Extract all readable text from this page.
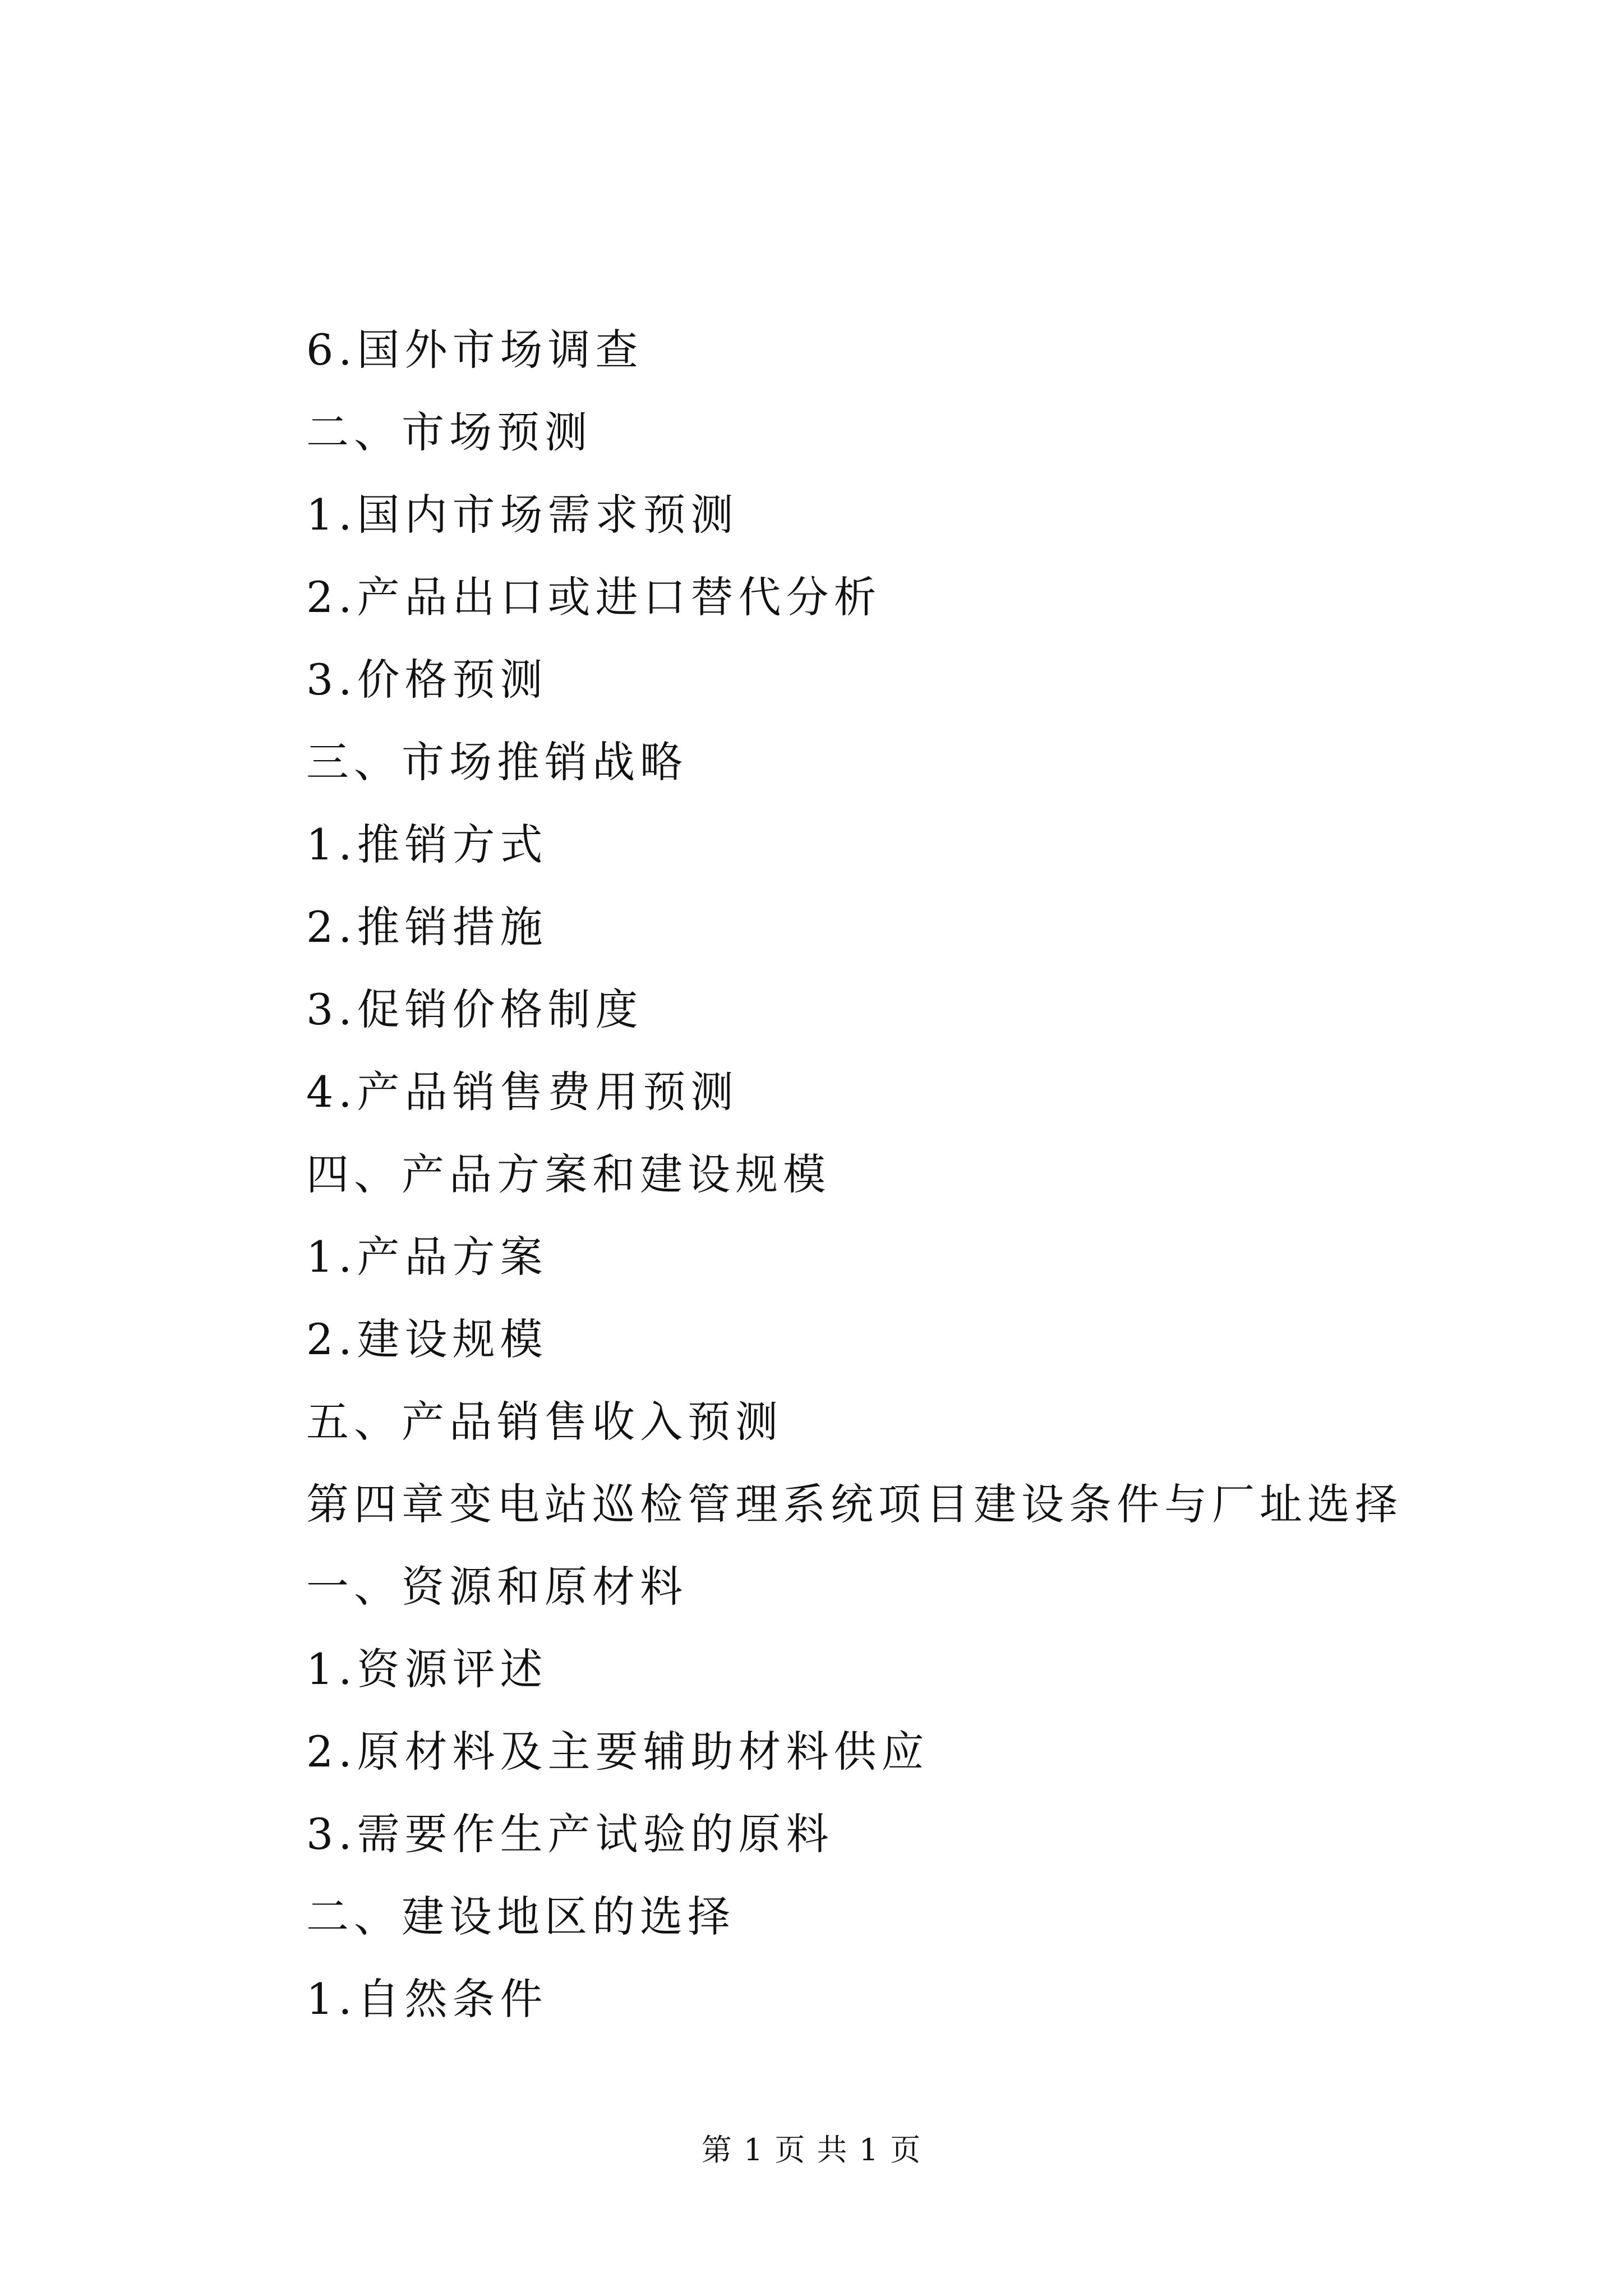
6.国外市场调查
二、市场预测
1.国内市场需求预测
2.产品出口或进口替代分析
3.价格预测
三、市场推销战略
1.推销方式
2.推销措施
3.促销价格制度
4.产品销售费用预测
四、产品方案和建设规模
1.产品方案
2.建设规模
五、产品销售收入预测
第四章变电站巡检管理系统项目建设条件与厂址选择
一、资源和原材料
1.资源评述
2.原材料及主要辅助材料供应
3.需要作生产试验的原料
二、建设地区的选择
1.自然条件
第 1 页 共 1 页
